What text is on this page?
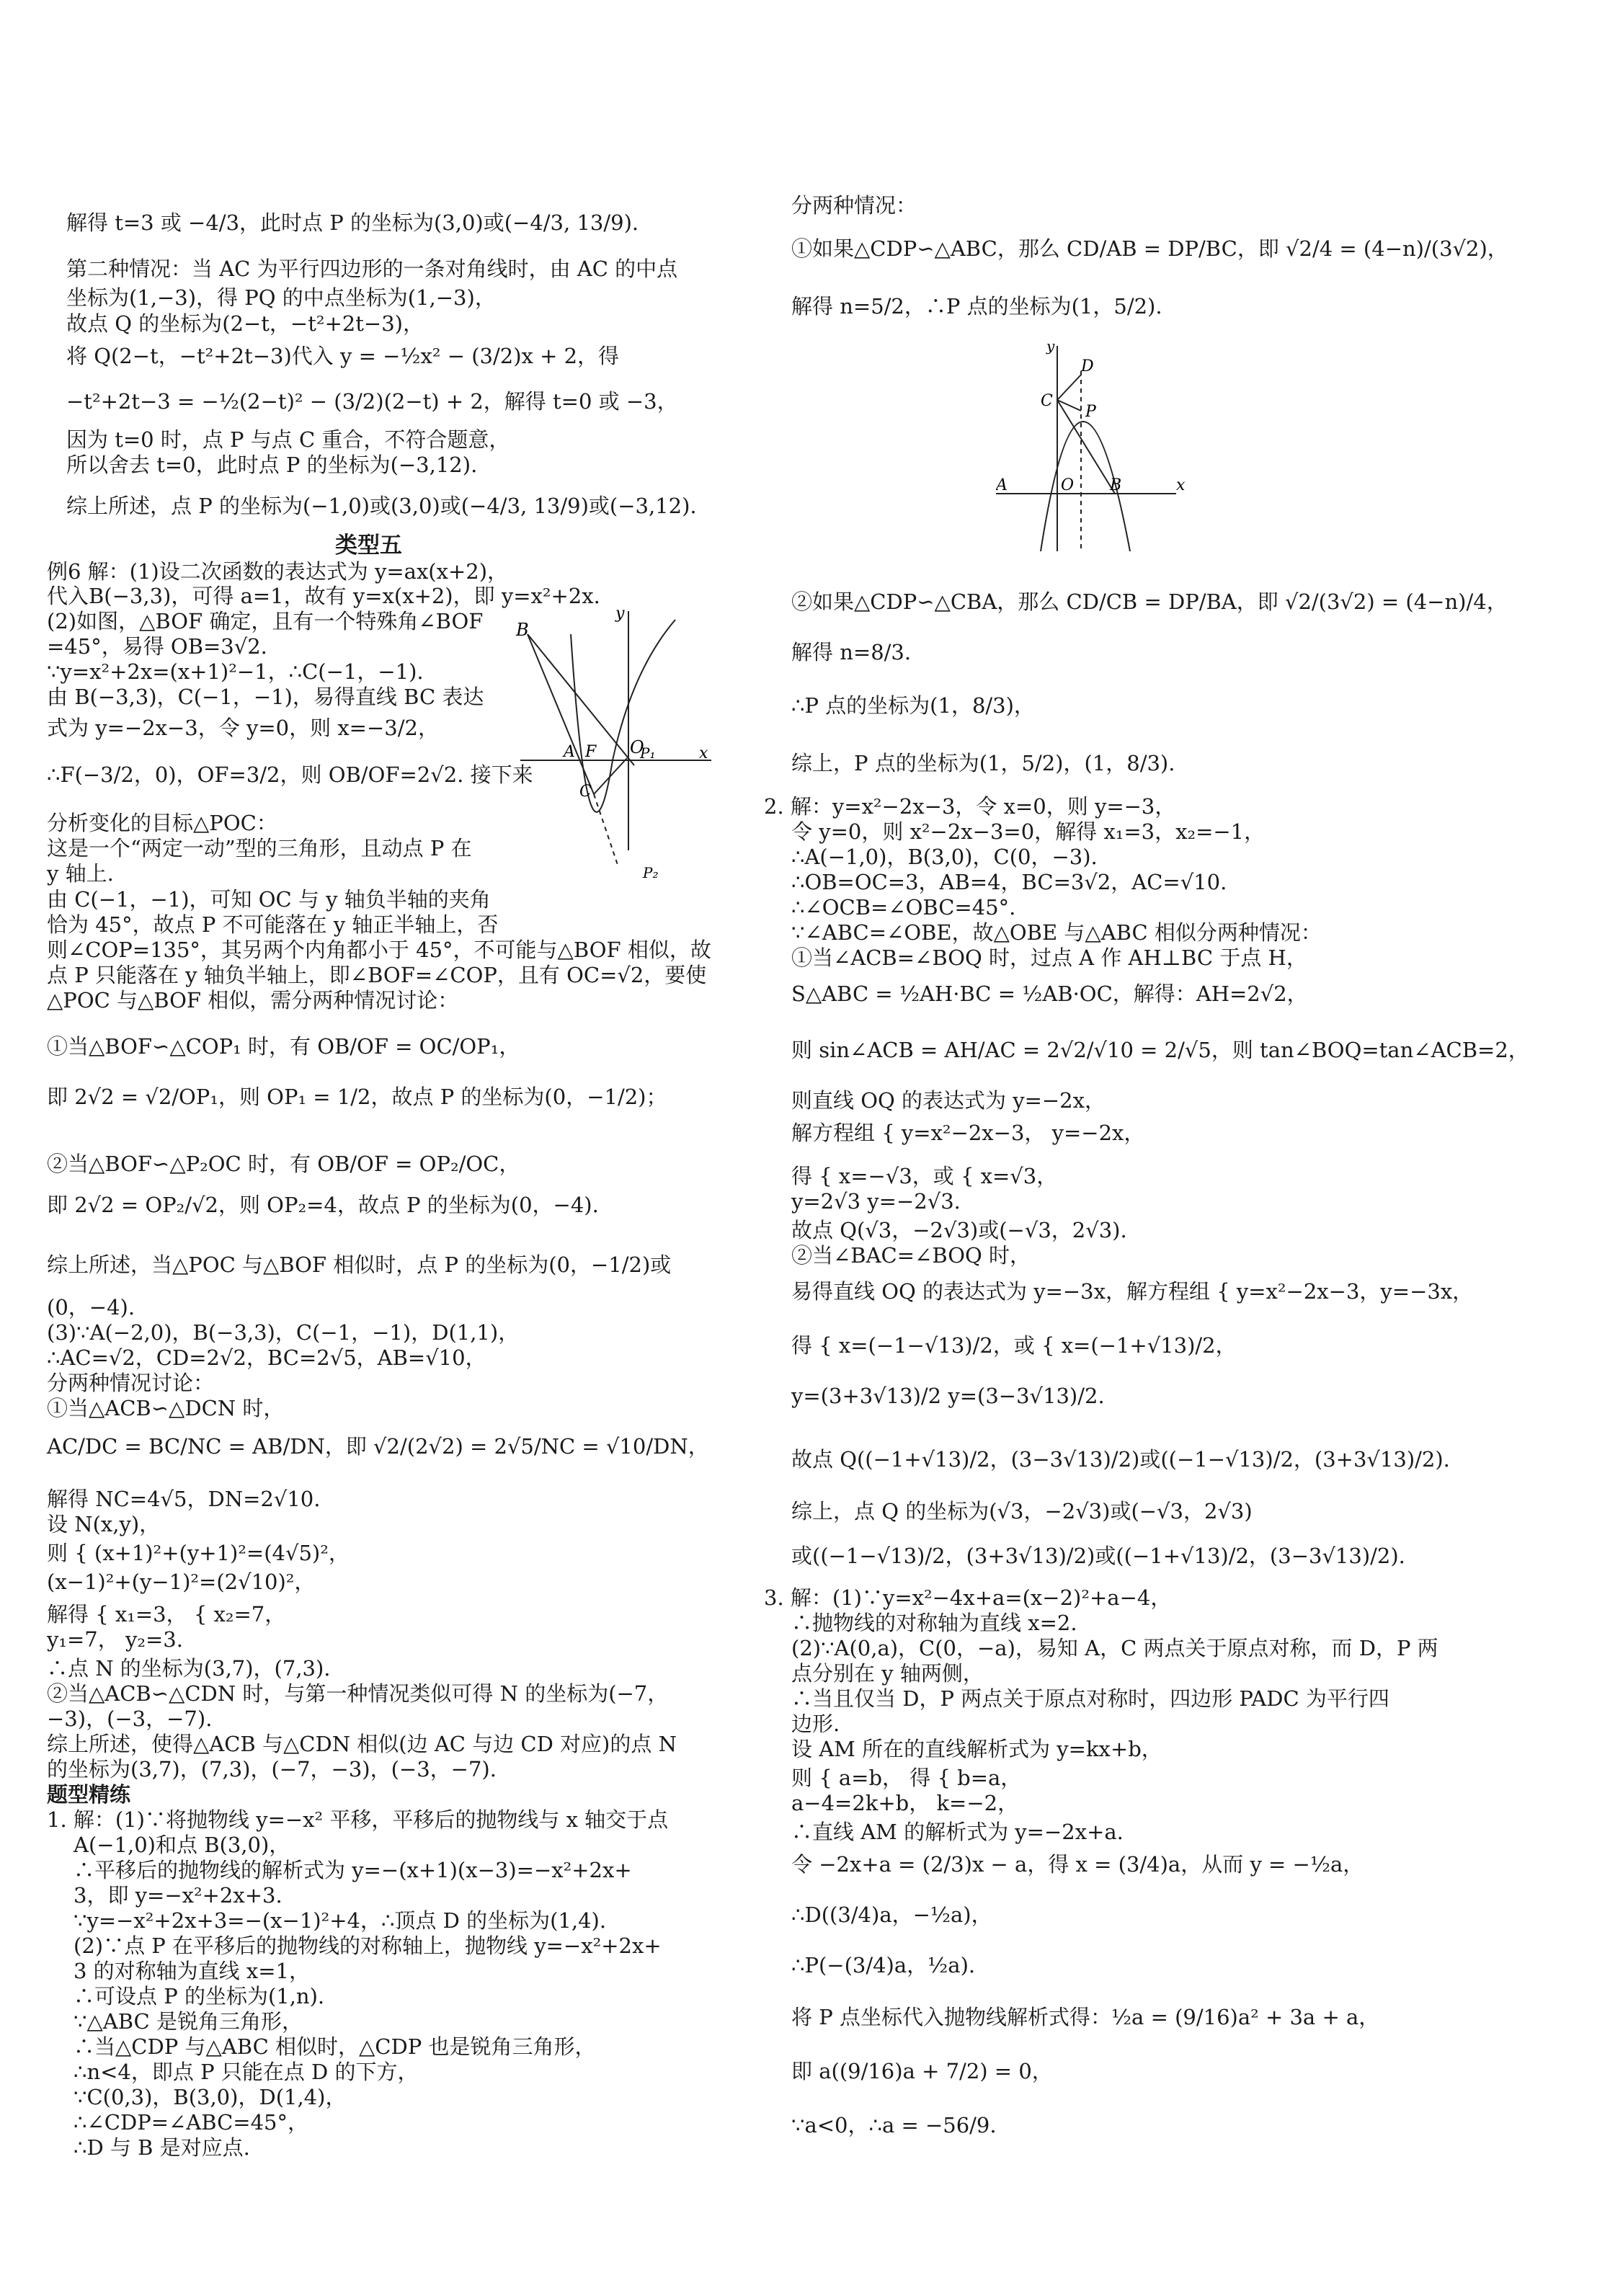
解得 t=3 或 −4/3，此时点 P 的坐标为(3,0)或(−4/3, 13/9).
第二种情况：当 AC 为平行四边形的一条对角线时，由 AC 的中点
坐标为(1,−3)，得 PQ 的中点坐标为(1,−3)，
故点 Q 的坐标为(2−t，−t²+2t−3)，
将 Q(2−t，−t²+2t−3)代入 y = −½x² − (3/2)x + 2，得
−t²+2t−3 = −½(2−t)² − (3/2)(2−t) + 2，解得 t=0 或 −3，
因为 t=0 时，点 P 与点 C 重合，不符合题意，
所以舍去 t=0，此时点 P 的坐标为(−3,12).
综上所述，点 P 的坐标为(−1,0)或(3,0)或(−4/3, 13/9)或(−3,12).
类型五
例6 解：(1)设二次函数的表达式为 y=ax(x+2)，
代入B(−3,3)，可得 a=1，故有 y=x(x+2)，即 y=x²+2x.
(2)如图，△BOF 确定，且有一个特殊角∠BOF
=45°，易得 OB=3√2.
∵y=x²+2x=(x+1)²−1，∴C(−1，−1).
由 B(−3,3)，C(−1，−1)，易得直线 BC 表达
式为 y=−2x−3，令 y=0，则 x=−3/2，
∴F(−3/2，0)，OF=3/2，则 OB/OF=2√2. 接下来
分析变化的目标△POC：
这是一个“两定一动”型的三角形，且动点 P 在
y 轴上.
由 C(−1，−1)，可知 OC 与 y 轴负半轴的夹角
恰为 45°，故点 P 不可能落在 y 轴正半轴上，否
则∠COP=135°，其另两个内角都小于 45°，不可能与△BOF 相似，故
点 P 只能落在 y 轴负半轴上，即∠BOF=∠COP，且有 OC=√2，要使
△POC 与△BOF 相似，需分两种情况讨论：
①当△BOF∽△COP₁ 时，有 OB/OF = OC/OP₁，
即 2√2 = √2/OP₁，则 OP₁ = 1/2，故点 P 的坐标为(0，−1/2)；
②当△BOF∽△P₂OC 时，有 OB/OF = OP₂/OC，
即 2√2 = OP₂/√2，则 OP₂=4，故点 P 的坐标为(0，−4).
综上所述，当△POC 与△BOF 相似时，点 P 的坐标为(0，−1/2)或
(0，−4).
(3)∵A(−2,0)，B(−3,3)，C(−1，−1)，D(1,1)，
∴AC=√2，CD=2√2，BC=2√5，AB=√10，
分两种情况讨论：
①当△ACB∽△DCN 时，
AC/DC = BC/NC = AB/DN，即 √2/(2√2) = 2√5/NC = √10/DN，
解得 NC=4√5，DN=2√10.
设 N(x,y)，
则 { (x+1)²+(y+1)²=(4√5)²，
(x−1)²+(y−1)²=(2√10)²，
解得 { x₁=3， { x₂=7，
y₁=7， y₂=3.
∴点 N 的坐标为(3,7)，(7,3).
②当△ACB∽△CDN 时，与第一种情况类似可得 N 的坐标为(−7，
−3)，(−3，−7).
综上所述，使得△ACB 与△CDN 相似(边 AC 与边 CD 对应)的点 N
的坐标为(3,7)，(7,3)，(−7，−3)，(−3，−7).
题型精练
1. 解：(1)∵将抛物线 y=−x² 平移，平移后的抛物线与 x 轴交于点
A(−1,0)和点 B(3,0)，
∴平移后的抛物线的解析式为 y=−(x+1)(x−3)=−x²+2x+
3，即 y=−x²+2x+3.
∵y=−x²+2x+3=−(x−1)²+4，∴顶点 D 的坐标为(1,4).
(2)∵点 P 在平移后的抛物线的对称轴上，抛物线 y=−x²+2x+
3 的对称轴为直线 x=1，
∴可设点 P 的坐标为(1,n).
∵△ABC 是锐角三角形，
∴当△CDP 与△ABC 相似时，△CDP 也是锐角三角形，
∴n<4，即点 P 只能在点 D 的下方，
∵C(0,3)，B(3,0)，D(1,4)，
∴∠CDP=∠ABC=45°，
∴D 与 B 是对应点.
分两种情况：
①如果△CDP∽△ABC，那么 CD/AB = DP/BC，即 √2/4 = (4−n)/(3√2)，
解得 n=5/2，∴P 点的坐标为(1，5/2).
②如果△CDP∽△CBA，那么 CD/CB = DP/BA，即 √2/(3√2) = (4−n)/4，
解得 n=8/3.
∴P 点的坐标为(1，8/3)，
综上，P 点的坐标为(1，5/2)，(1，8/3).
2. 解：y=x²−2x−3，令 x=0，则 y=−3，
令 y=0，则 x²−2x−3=0，解得 x₁=3，x₂=−1，
∴A(−1,0)，B(3,0)，C(0，−3).
∴OB=OC=3，AB=4，BC=3√2，AC=√10.
∴∠OCB=∠OBC=45°.
∵∠ABC=∠OBE，故△OBE 与△ABC 相似分两种情况：
①当∠ACB=∠BOQ 时，过点 A 作 AH⊥BC 于点 H，
S△ABC = ½AH·BC = ½AB·OC，解得：AH=2√2，
则 sin∠ACB = AH/AC = 2√2/√10 = 2/√5，则 tan∠BOQ=tan∠ACB=2，
则直线 OQ 的表达式为 y=−2x，
解方程组 { y=x²−2x−3， y=−2x，
得 { x=−√3，或 { x=√3，
y=2√3 y=−2√3.
故点 Q(√3，−2√3)或(−√3，2√3).
②当∠BAC=∠BOQ 时，
易得直线 OQ 的表达式为 y=−3x，解方程组 { y=x²−2x−3，y=−3x，
得 { x=(−1−√13)/2，或 { x=(−1+√13)/2，
y=(3+3√13)/2 y=(3−3√13)/2.
故点 Q((−1+√13)/2，(3−3√13)/2)或((−1−√13)/2，(3+3√13)/2).
综上，点 Q 的坐标为(√3，−2√3)或(−√3，2√3)
或((−1−√13)/2，(3+3√13)/2)或((−1+√13)/2，(3−3√13)/2).
3. 解：(1)∵y=x²−4x+a=(x−2)²+a−4，
∴抛物线的对称轴为直线 x=2.
(2)∵A(0,a)，C(0，−a)，易知 A，C 两点关于原点对称，而 D，P 两
点分别在 y 轴两侧，
∴当且仅当 D，P 两点关于原点对称时，四边形 PADC 为平行四
边形.
设 AM 所在的直线解析式为 y=kx+b，
则 { a=b， 得 { b=a，
a−4=2k+b， k=−2，
∴直线 AM 的解析式为 y=−2x+a.
令 −2x+a = (2/3)x − a，得 x = (3/4)a，从而 y = −½a，
∴D((3/4)a，−½a)，
∴P(−(3/4)a，½a).
将 P 点坐标代入抛物线解析式得：½a = (9/16)a² + 3a + a，
即 a((9/16)a + 7/2) = 0，
∵a<0，∴a = −56/9.
B
y
O
A F	P₁	x
C
P₂
y
D
C
P
A	O B	x
